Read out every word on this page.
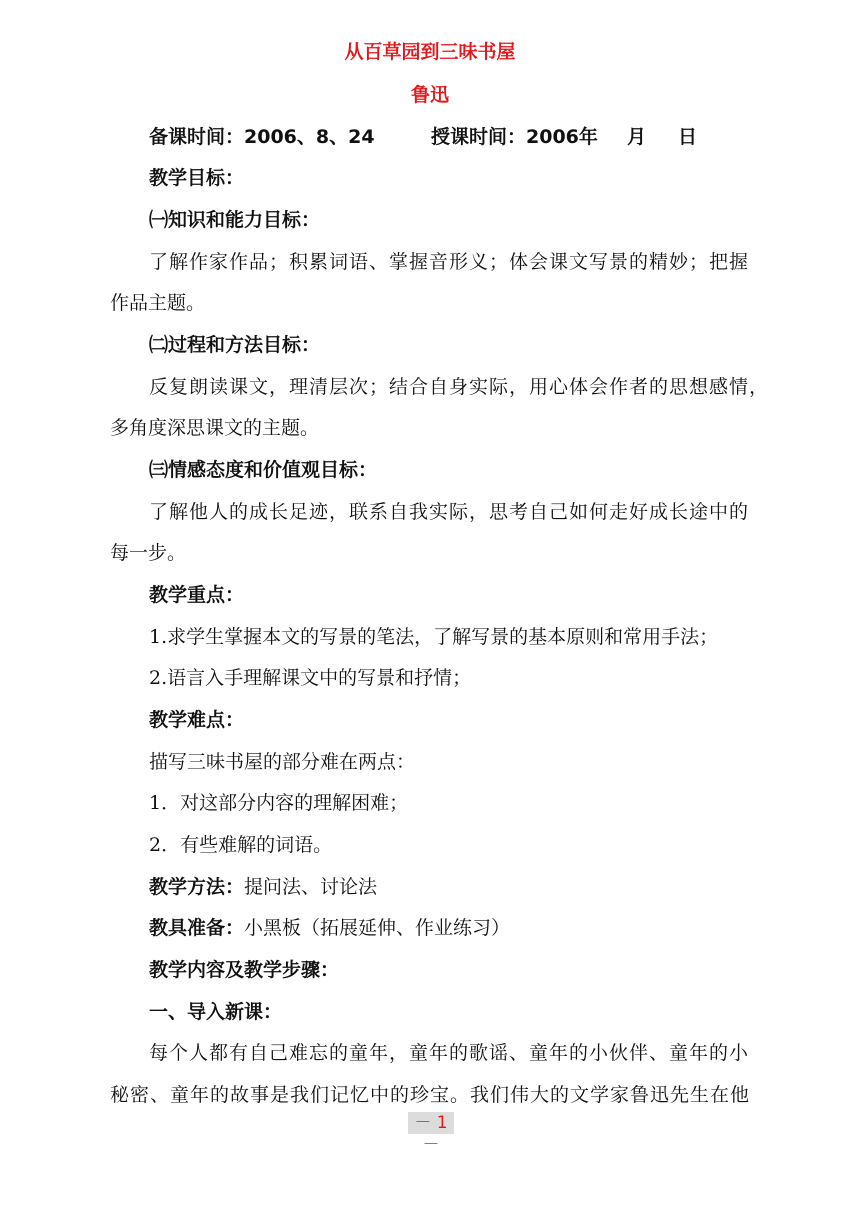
从百草园到三味书屋
鲁迅
备课时间：2006、8、24	授课时间：2006年 月 日
教学目标：
㈠知识和能力目标：
了解作家作品；积累词语、掌握音形义；体会课文写景的精妙；把握
作品主题。
㈡过程和方法目标：
反复朗读课文，理清层次；结合自身实际，用心体会作者的思想感情，
多角度深思课文的主题。
㈢情感态度和价值观目标：
了解他人的成长足迹，联系自我实际，思考自己如何走好成长途中的
每一步。
教学重点：
1.求学生掌握本文的写景的笔法，了解写景的基本原则和常用手法；
2.语言入手理解课文中的写景和抒情；
教学难点：
描写三味书屋的部分难在两点：
1．对这部分内容的理解困难；
2．有些难解的词语。
教学方法：提问法、讨论法
教具准备：小黑板（拓展延伸、作业练习）
教学内容及教学步骤：
一、导入新课：
每个人都有自己难忘的童年，童年的歌谣、童年的小伙伴、童年的小
秘密、童年的故事是我们记忆中的珍宝。我们伟大的文学家鲁迅先生在他
－ 1 －
